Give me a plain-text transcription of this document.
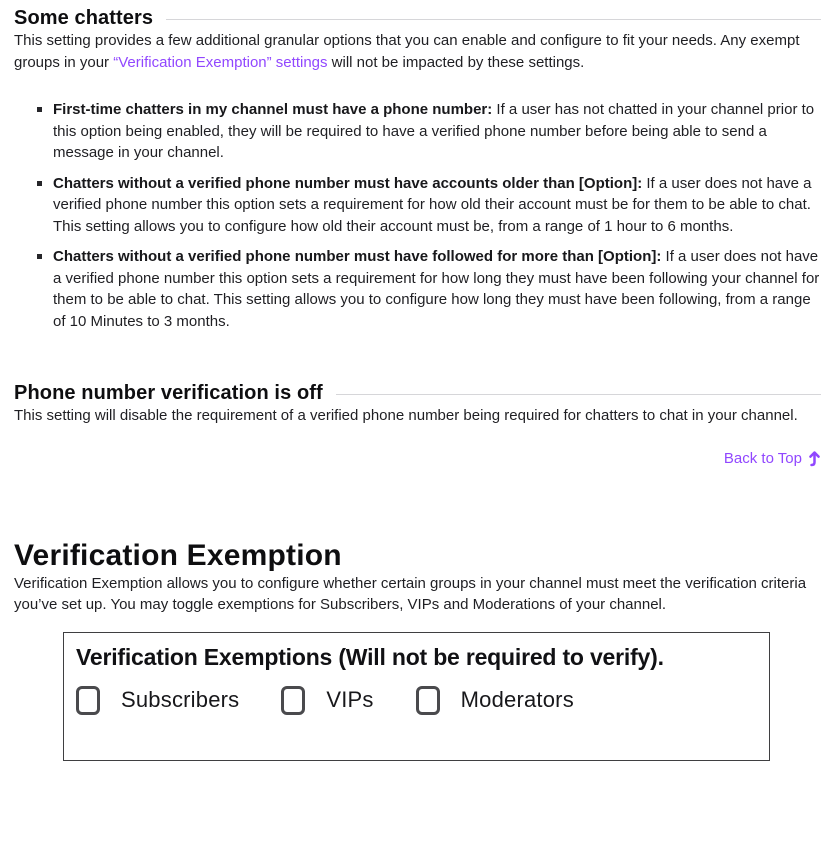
Some chatters

This setting provides a few additional granular options that you can enable and configure to fit your needs. Any exempt groups in your “Verification Exemption” settings will not be impacted by these settings.

First-time chatters in my channel must have a phone number: If a user has not chatted in your channel prior to this option being enabled, they will be required to have a verified phone number before being able to send a message in your channel.
Chatters without a verified phone number must have accounts older than [Option]: If a user does not have a verified phone number this option sets a requirement for how old their account must be for them to be able to chat. This setting allows you to configure how old their account must be, from a range of 1 hour to 6 months.
Chatters without a verified phone number must have followed for more than [Option]: If a user does not have a verified phone number this option sets a requirement for how long they must have been following your channel for them to be able to chat. This setting allows you to configure how long they must have been following, from a range of 10 Minutes to 3 months.
Phone number verification is off

This setting will disable the requirement of a verified phone number being required for chatters to chat in your channel.

Back to Top
Verification Exemption

Verification Exemption allows you to configure whether certain groups in your channel must meet the verification criteria you’ve set up. You may toggle exemptions for Subscribers, VIPs and Moderations of your channel.

Verification Exemptions (Will not be required to verify).

Subscribers	VIPs	Moderators
